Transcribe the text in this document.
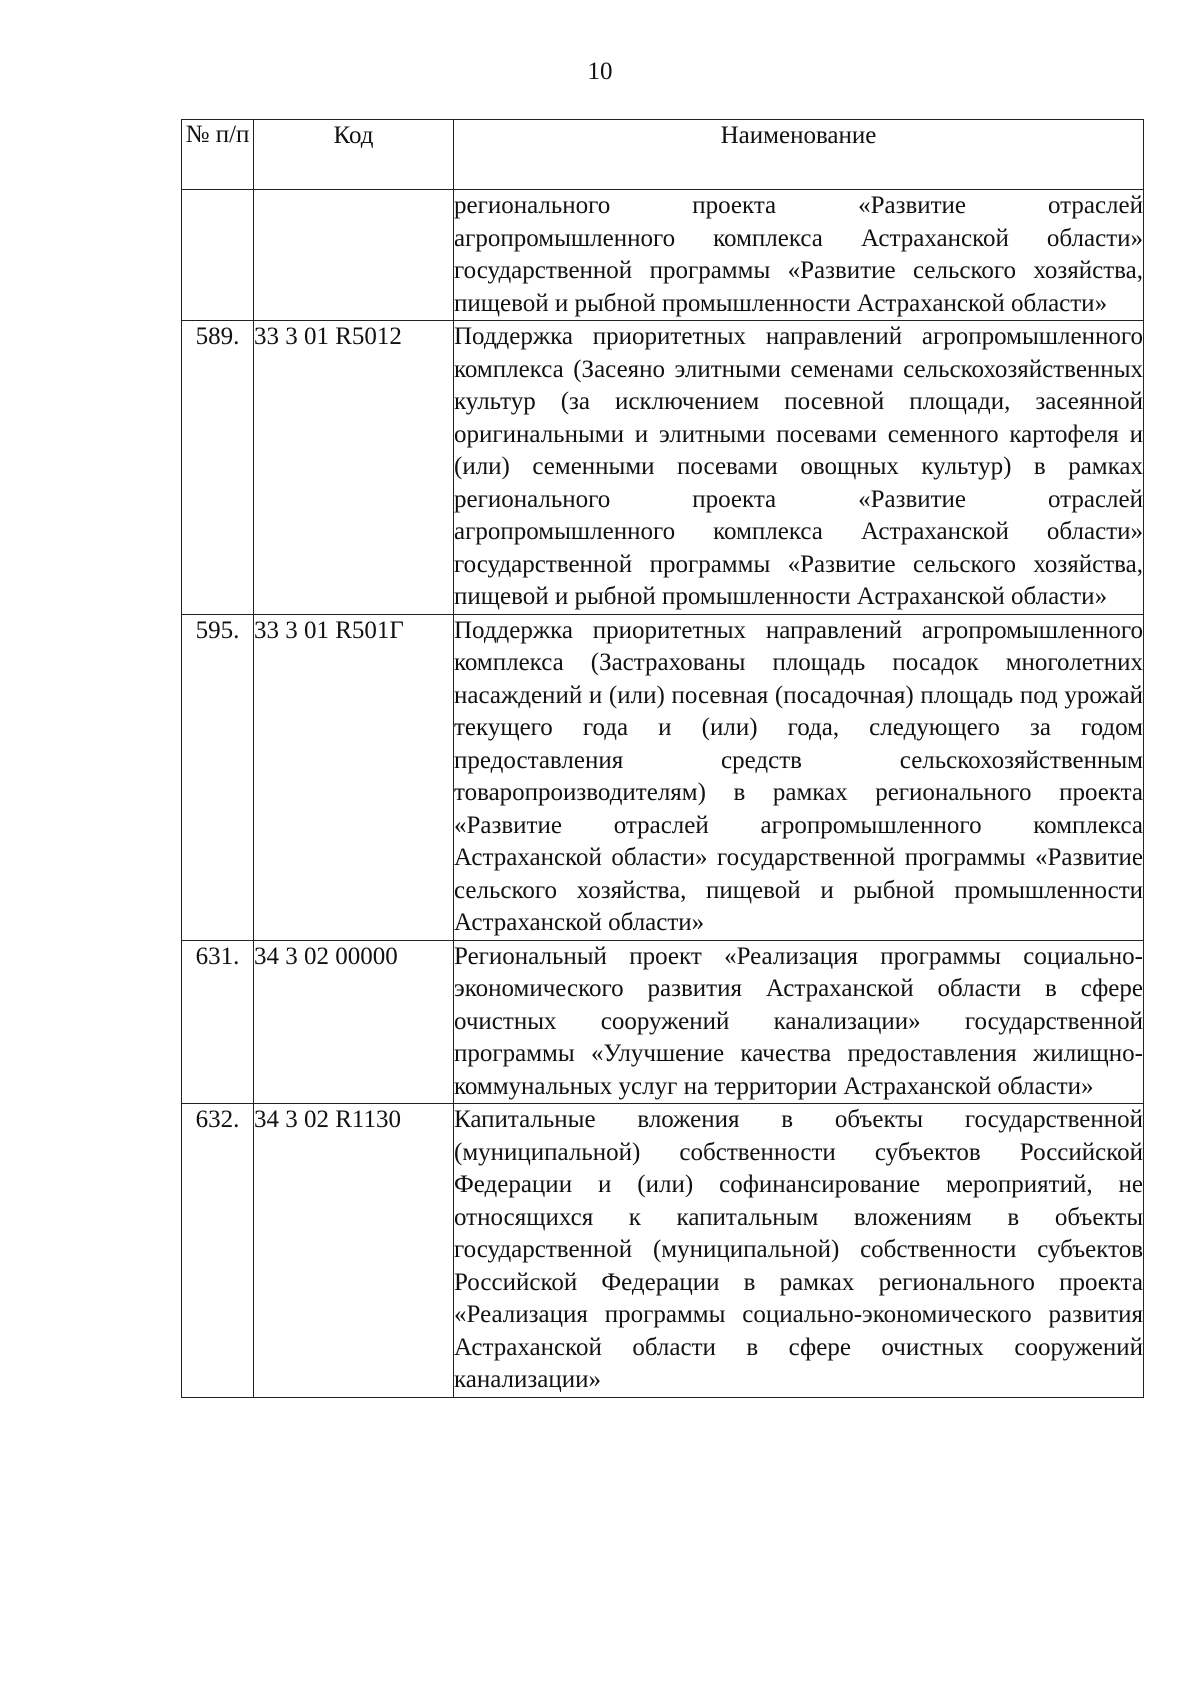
10
№ п/п	Код	Наименование
		регионального проекта «Развитие отраслей агропромышленного комплекса Астраханской области» государственной программы «Развитие сельского хозяйства, пищевой и рыбной промышленности Астраханской области»
589.	33 3 01 R5012	Поддержка приоритетных направлений агропромышленного комплекса (Засеяно элитными семенами сельскохозяйственных культур (за исключением посевной площади, засеянной оригинальными и элитными посевами семенного картофеля и (или) семенными посевами овощных культур) в рамках регионального проекта «Развитие отраслей агропромышленного комплекса Астраханской области» государственной программы «Развитие сельского хозяйства, пищевой и рыбной промышленности Астраханской области»
595.	33 3 01 R501Г	Поддержка приоритетных направлений агропромышленного комплекса (Застрахованы площадь посадок многолетних насаждений и (или) посевная (посадочная) площадь под урожай текущего года и (или) года, следующего за годом предоставления средств сельскохозяйственным товаропроизводителям) в рамках регионального проекта «Развитие отраслей агропромышленного комплекса Астраханской области» государственной программы «Развитие сельского хозяйства, пищевой и рыбной промышленности Астраханской области»
631.	34 3 02 00000	Региональный проект «Реализация программы социально-экономического развития Астраханской области в сфере очистных сооружений канализации» государственной программы «Улучшение качества предоставления жилищно-коммунальных услуг на территории Астраханской области»
632.	34 3 02 R1130	Капитальные вложения в объекты государственной (муниципальной) собственности субъектов Российской Федерации и (или) софинансирование мероприятий, не относящихся к капитальным вложениям в объекты государственной (муниципальной) собственности субъектов Российской Федерации в рамках регионального проекта «Реализация программы социально-экономического развития Астраханской области в сфере очистных сооружений канализации»
